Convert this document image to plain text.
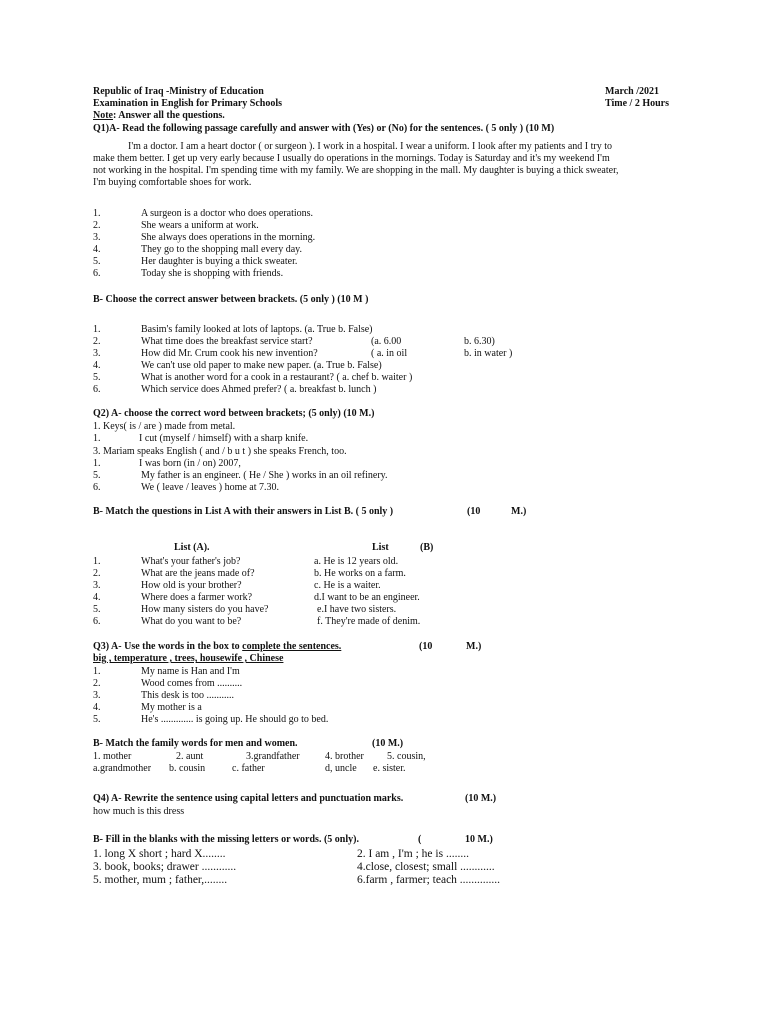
Republic of Iraq -Ministry of Education	March /2021
Examination in English for Primary Schools	Time / 2 Hours
Note: Answer all the questions.
Q1)A- Read the following passage carefully and answer with (Yes) or (No) for the sentences. ( 5 only ) (10 M)
I'm a doctor. I am a heart doctor ( or surgeon ). I work in a hospital. I wear a uniform. I look after my patients and I try to
make them better. I get up very early because I usually do operations in the mornings. Today is Saturday and it's my weekend I'm
not working in the hospital. I'm spending time with my family. We are shopping in the mall. My daughter is buying a thick sweater,
I'm buying comfortable shoes for work.
1.	A surgeon is a doctor who does operations.
2.	She wears a uniform at work.
3.	She always does operations in the morning.
4.	They go to the shopping mall every day.
5.	Her daughter is buying a thick sweater.
6.	Today she is shopping with friends.
B- Choose the correct answer between brackets. (5 only ) (10 M )
1.	Basim's family looked at lots of laptops. (a. True b. False)
2.	What time does the breakfast service start?	(a. 6.00	b. 6.30)
3.	How did Mr. Crum cook his new invention?	( a. in oil	b. in water )
4.	We can't use old paper to make new paper. (a. True b. False)
5.	What is another word for a cook in a restaurant? ( a. chef b. waiter )
6.	Which service does Ahmed prefer? ( a. breakfast b. lunch )
Q2) A- choose the correct word between brackets; (5 only) (10 M.)
1. Keys( is / are ) made from metal.
1.	I cut (myself / himself) with a sharp knife.
3. Mariam speaks English ( and / b u t ) she speaks French, too.
1.	I was born (in / on) 2007,
5.	My father is an engineer. ( He / She ) works in an oil refinery.
6.	We ( leave / leaves ) home at 7.30.
B- Match the questions in List A with their answers in List B. ( 5 only )	(10	M.)
List (A).	List	(B)
1.	What's your father's job?	a. He is 12 years old.
2.	What are the jeans made of?	b. He works on a farm.
3.	How old is your brother?	c. He is a waiter.
4.	Where does a farmer work?	d.I want to be an engineer.
5.	How many sisters do you have?	e.I have two sisters.
6.	What do you want to be?	f. They're made of denim.
Q3) A- Use the words in the box to complete the sentences.	(10	M.)
big , temperature , trees, housewife , Chinese
1.	My name is Han and I'm
2.	Wood comes from ..........
3.	This desk is too ...........
4.	My mother is a
5.	He's ............. is going up. He should go to bed.
B- Match the family words for men and women.	(10 M.)
1. mother	2. aunt	3.grandfather	4. brother 5. cousin,
a.grandmother b. cousin	c. father	d, uncle e. sister.
Q4) A- Rewrite the sentence using capital letters and punctuation marks.	(10 M.)
how much is this dress
B- Fill in the blanks with the missing letters or words. (5 only).	(	10 M.)
1. long X short ; hard X........	2. I am , I'm ; he is ........
3. book, books; drawer ............	4.close, closest; small ............
5. mother, mum ; father,........	6.farm , farmer; teach ..............
